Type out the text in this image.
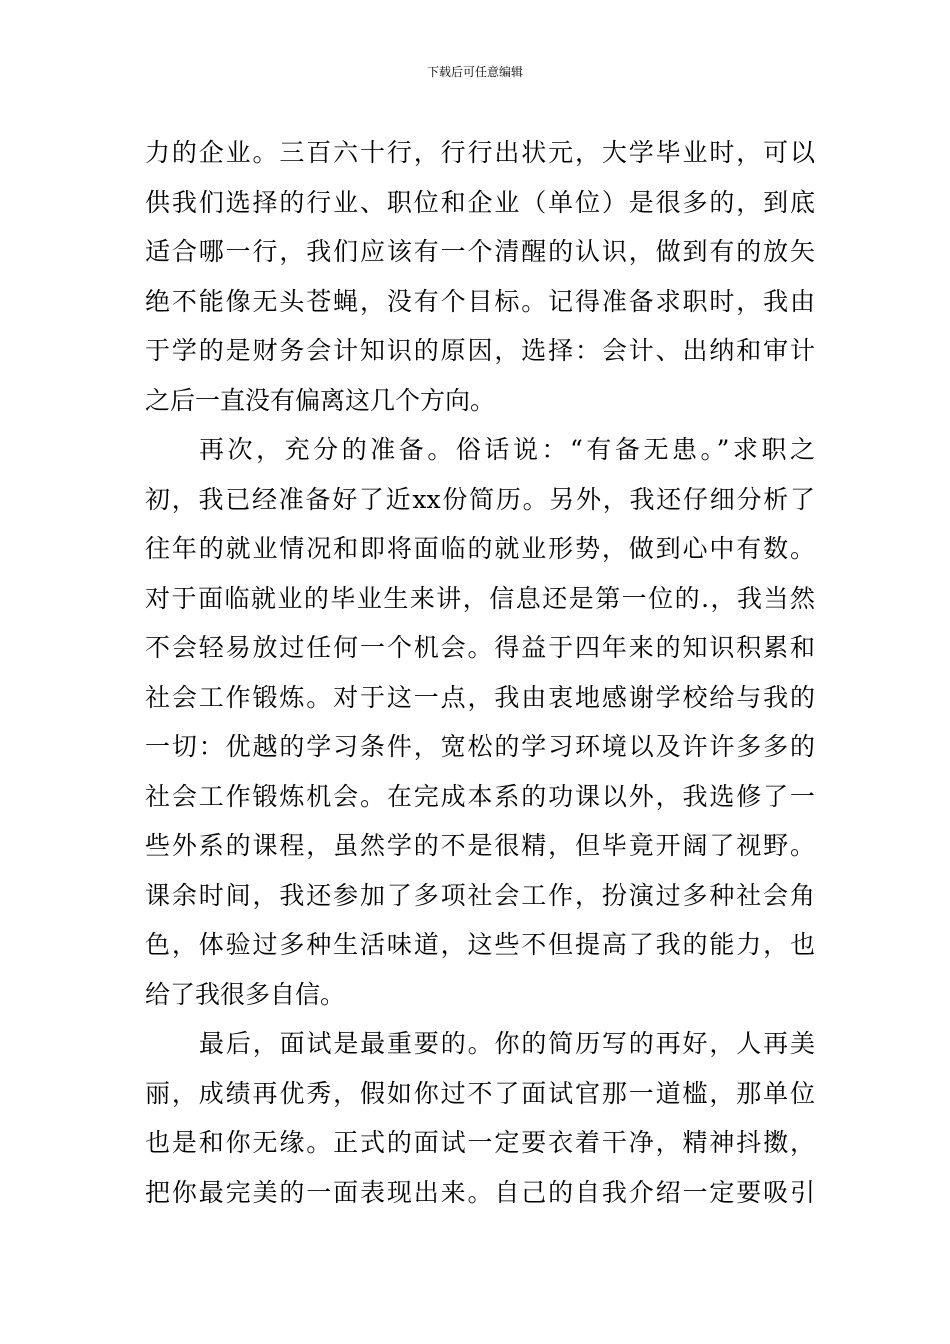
下载后可任意编辑
力的企业。三百六十行，行行出状元，大学毕业时，可以
供我们选择的行业、职位和企业（单位）是很多的，到底
适合哪一行，我们应该有一个清醒的认识，做到有的放矢
绝不能像无头苍蝇，没有个目标。记得准备求职时，我由
于学的是财务会计知识的原因，选择：会计、出纳和审计
之后一直没有偏离这几个方向。
再次，充分的准备。俗话说：“有备无患。”求职之
初，我已经准备好了近xx份简历。另外，我还仔细分析了
往年的就业情况和即将面临的就业形势，做到心中有数。
对于面临就业的毕业生来讲，信息还是第一位的.，我当然
不会轻易放过任何一个机会。得益于四年来的知识积累和
社会工作锻炼。对于这一点，我由衷地感谢学校给与我的
一切：优越的学习条件，宽松的学习环境以及许许多多的
社会工作锻炼机会。在完成本系的功课以外，我选修了一
些外系的课程，虽然学的不是很精，但毕竟开阔了视野。
课余时间，我还参加了多项社会工作，扮演过多种社会角
色，体验过多种生活味道，这些不但提高了我的能力，也
给了我很多自信。
最后，面试是最重要的。你的简历写的再好，人再美
丽，成绩再优秀，假如你过不了面试官那一道槛，那单位
也是和你无缘。正式的面试一定要衣着干净，精神抖擞，
把你最完美的一面表现出来。自己的自我介绍一定要吸引
